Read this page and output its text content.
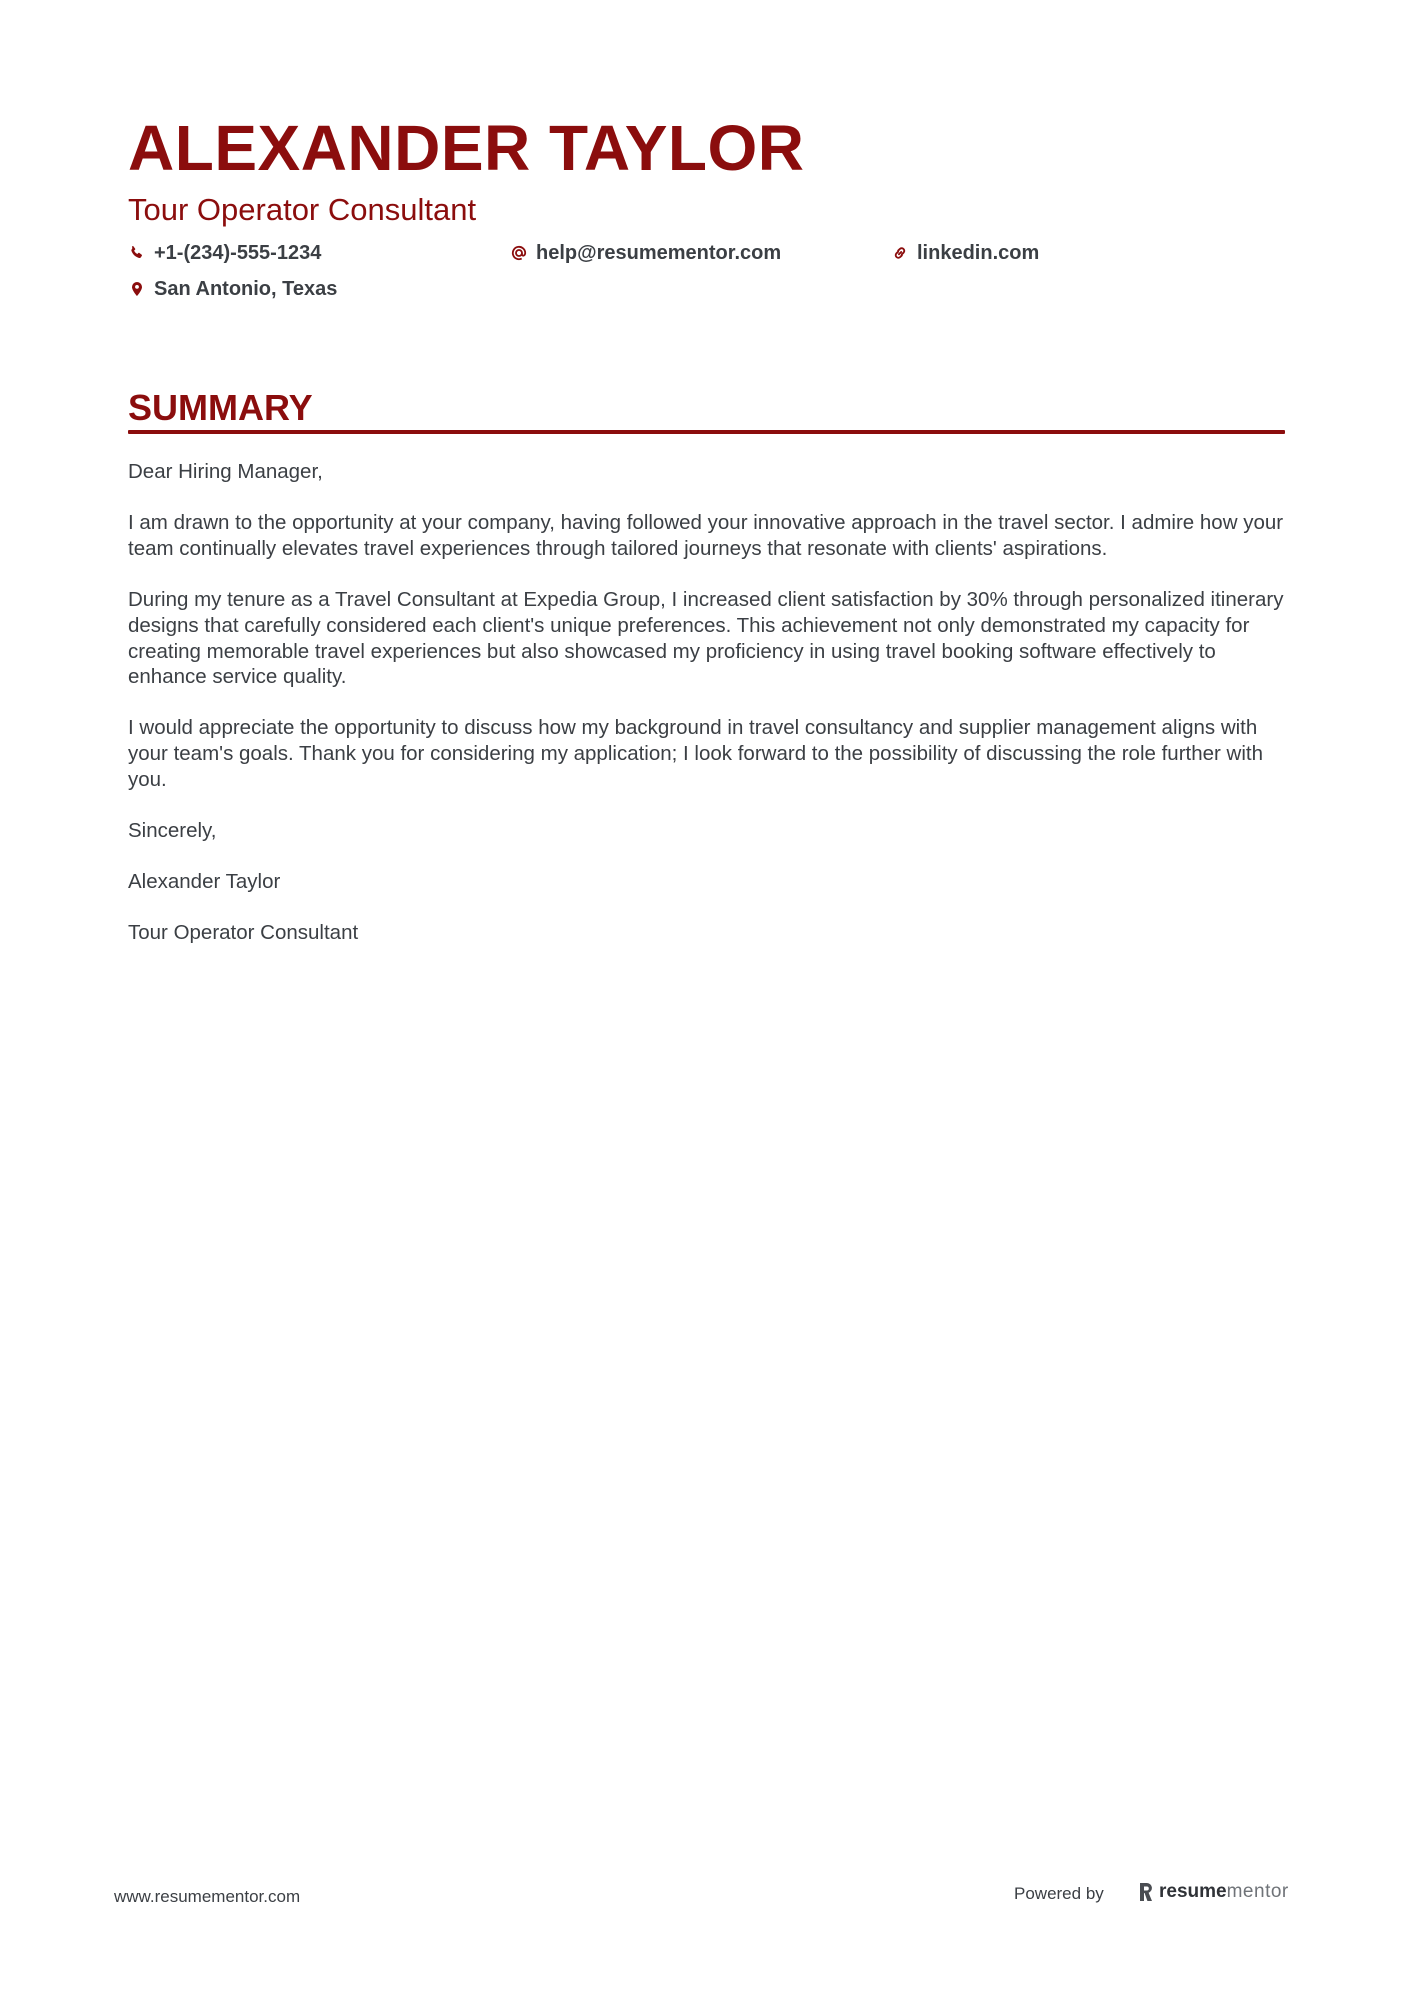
ALEXANDER TAYLOR
Tour Operator Consultant
+1-(234)-555-1234	help@resumementor.com	linkedin.com
San Antonio, Texas
SUMMARY

Dear Hiring Manager,

I am drawn to the opportunity at your company, having followed your innovative approach in the travel sector. I admire how your team continually elevates travel experiences through tailored journeys that resonate with clients' aspirations.

During my tenure as a Travel Consultant at Expedia Group, I increased client satisfaction by 30% through personalized itinerary designs that carefully considered each client's unique preferences. This achievement not only demonstrated my capacity for creating memorable travel experiences but also showcased my proficiency in using travel booking software effectively to enhance service quality.

I would appreciate the opportunity to discuss how my background in travel consultancy and supplier management aligns with your team's goals. Thank you for considering my application; I look forward to the possibility of discussing the role further with you.

Sincerely,

Alexander Taylor

Tour Operator Consultant

www.resumementor.com	Powered by	resume mentor
